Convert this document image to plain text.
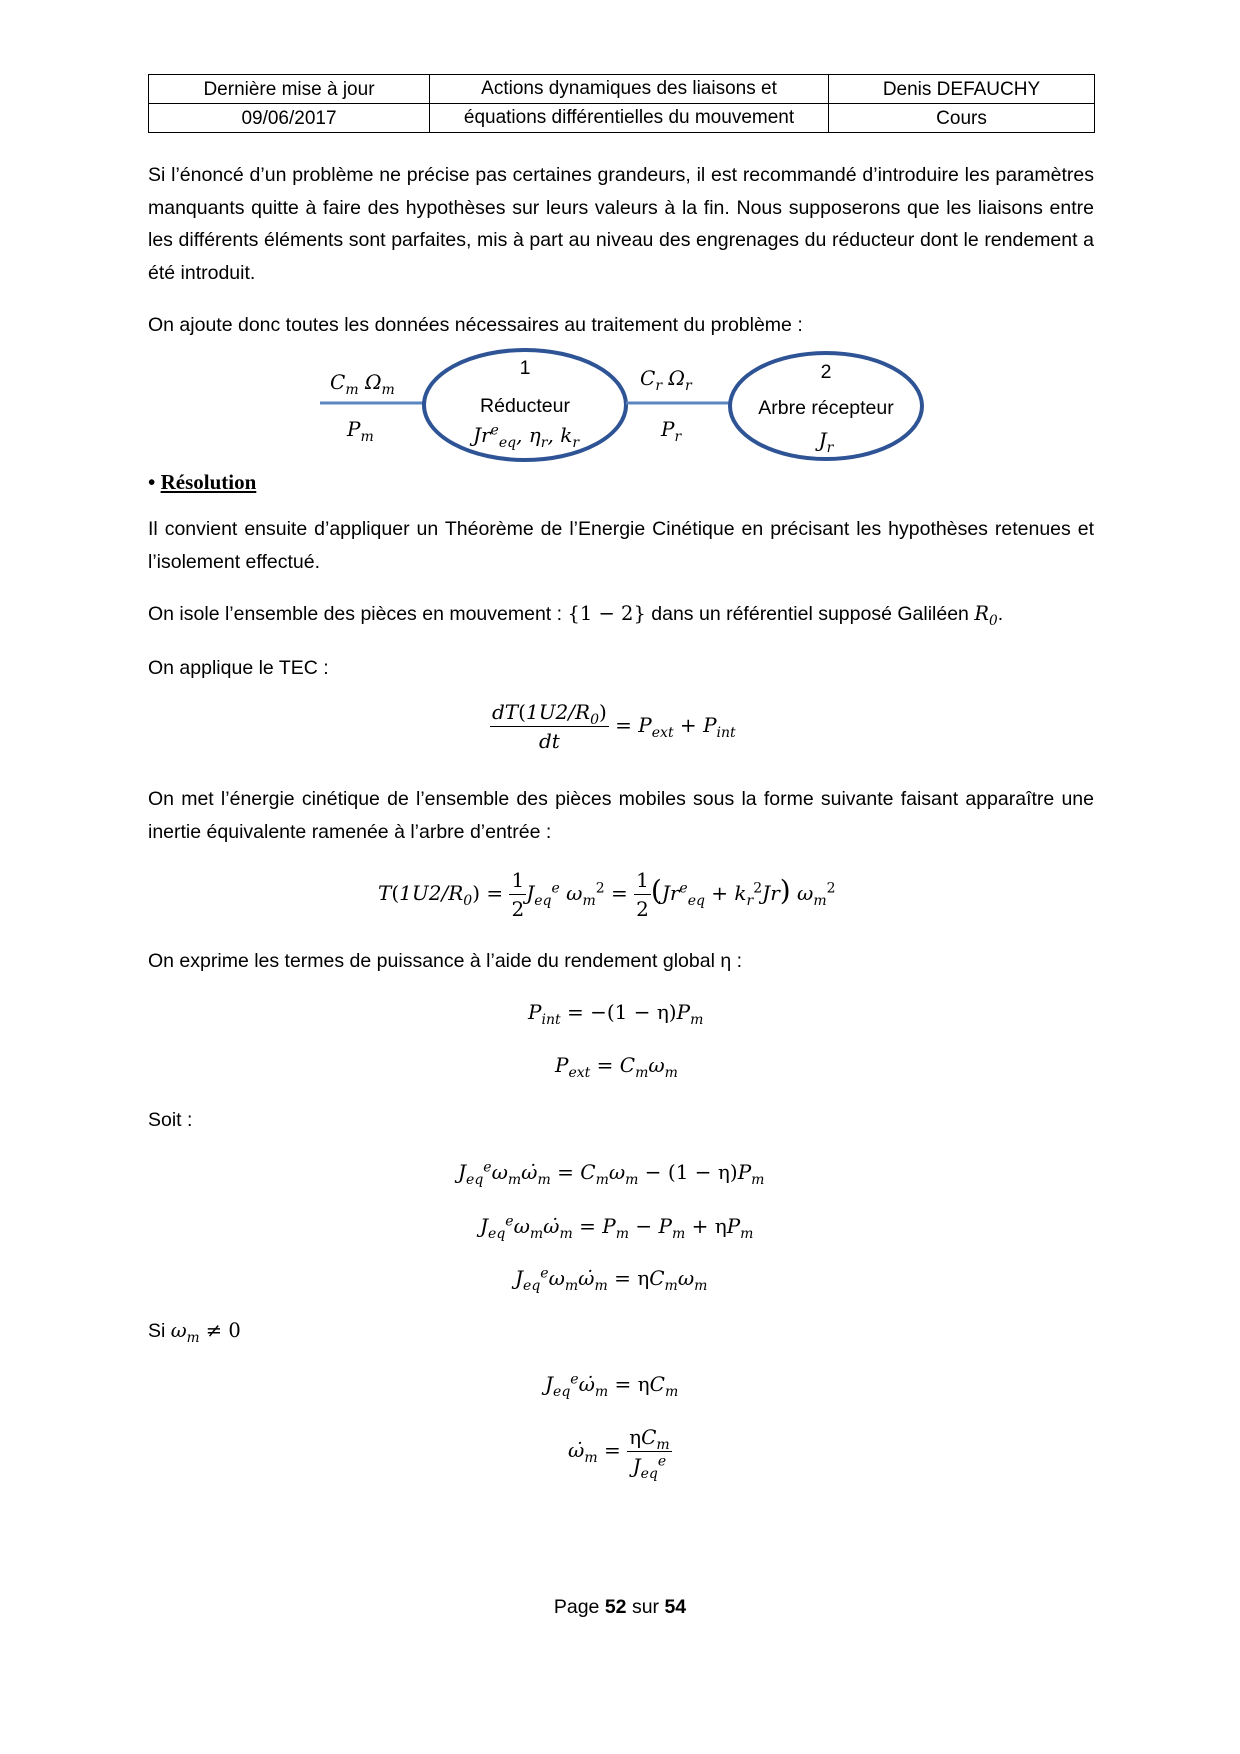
Dernière mise à jour	Actions dynamiques des liaisons et	Denis DEFAUCHY
09/06/2017	équations différentielles du mouvement	Cours
Si l’énoncé d’un problème ne précise pas certaines grandeurs, il est recommandé d’introduire les paramètres manquants quitte à faire des hypothèses sur leurs valeurs à la fin. Nous supposerons que les liaisons entre les différents éléments sont parfaites, mis à part au niveau des engrenages du réducteur dont le rendement a été introduit.
On ajoute donc toutes les données nécessaires au traitement du problème :
$C_m$ $\Omega_m$
$P_m$
1
Réducteur
$Jr^e_{eq}$, $\eta_r$, $k_r$
$C_r$ $\Omega_r$
$P_r$
2
Arbre récepteur
$J_r$
• Résolution
Il convient ensuite d’appliquer un Théorème de l’Energie Cinétique en précisant les hypothèses retenues et l’isolement effectué.
On isole l’ensemble des pièces en mouvement : {1 − 2} dans un référentiel supposé Galiléen $R_0$.
On applique le TEC :
$\frac{dT(1U2/R_0)}{dt} = P_{ext} + P_{int}$
On met l’énergie cinétique de l’ensemble des pièces mobiles sous la forme suivante faisant apparaître une inertie équivalente ramenée à l’arbre d’entrée :
$T(1U2/R_0) = \frac{1}{2} J_{eq}^e$ $\omega_m^2 = \frac{1}{2} (Jr^e_{eq} + k_r^2Jr)$ $\omega_m^2$
On exprime les termes de puissance à l’aide du rendement global η :
$P_{int} = -(1 - \eta)P_m$
$P_{ext} = C_m\omega_m$
Soit :
$J_{eq}^e\omega_m\omegȧ_m = C_m\omega_m - (1 - \eta)P_m$
$J_{eq}^e\omega_m\omegȧ_m = P_m - P_m + \eta P_m$
$J_{eq}^e\omega_m\omegȧ_m = \eta C_m\omega_m$
Si $\omega_m \ne 0$
$J_{eq}^e\omegȧ_m = \eta C_m$
$\omegȧ_m = \frac{\eta C_m}{J_{eq}^e}$
Page 52 sur 54
